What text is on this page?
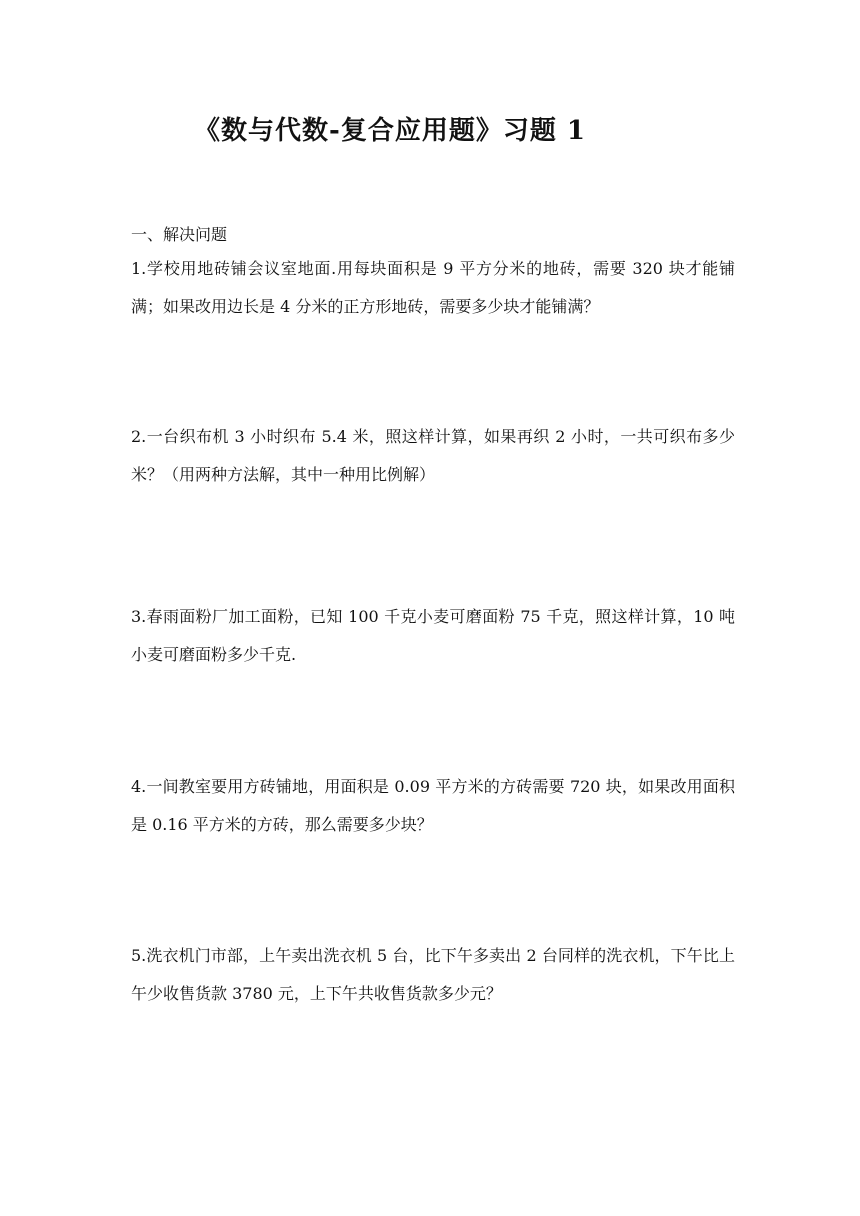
《数与代数-复合应用题》习题 1
一、解决问题
1.学校用地砖铺会议室地面.用每块面积是 9 平方分米的地砖，需要 320 块才能铺满；如果改用边长是 4 分米的正方形地砖，需要多少块才能铺满？
2.一台织布机 3 小时织布 5.4 米，照这样计算，如果再织 2 小时，一共可织布多少米？（用两种方法解，其中一种用比例解）
3.春雨面粉厂加工面粉，已知 100 千克小麦可磨面粉 75 千克，照这样计算，10 吨小麦可磨面粉多少千克.
4.一间教室要用方砖铺地，用面积是 0.09 平方米的方砖需要 720 块，如果改用面积是 0.16 平方米的方砖，那么需要多少块？
5.洗衣机门市部，上午卖出洗衣机 5 台，比下午多卖出 2 台同样的洗衣机，下午比上午少收售货款 3780 元，上下午共收售货款多少元？
